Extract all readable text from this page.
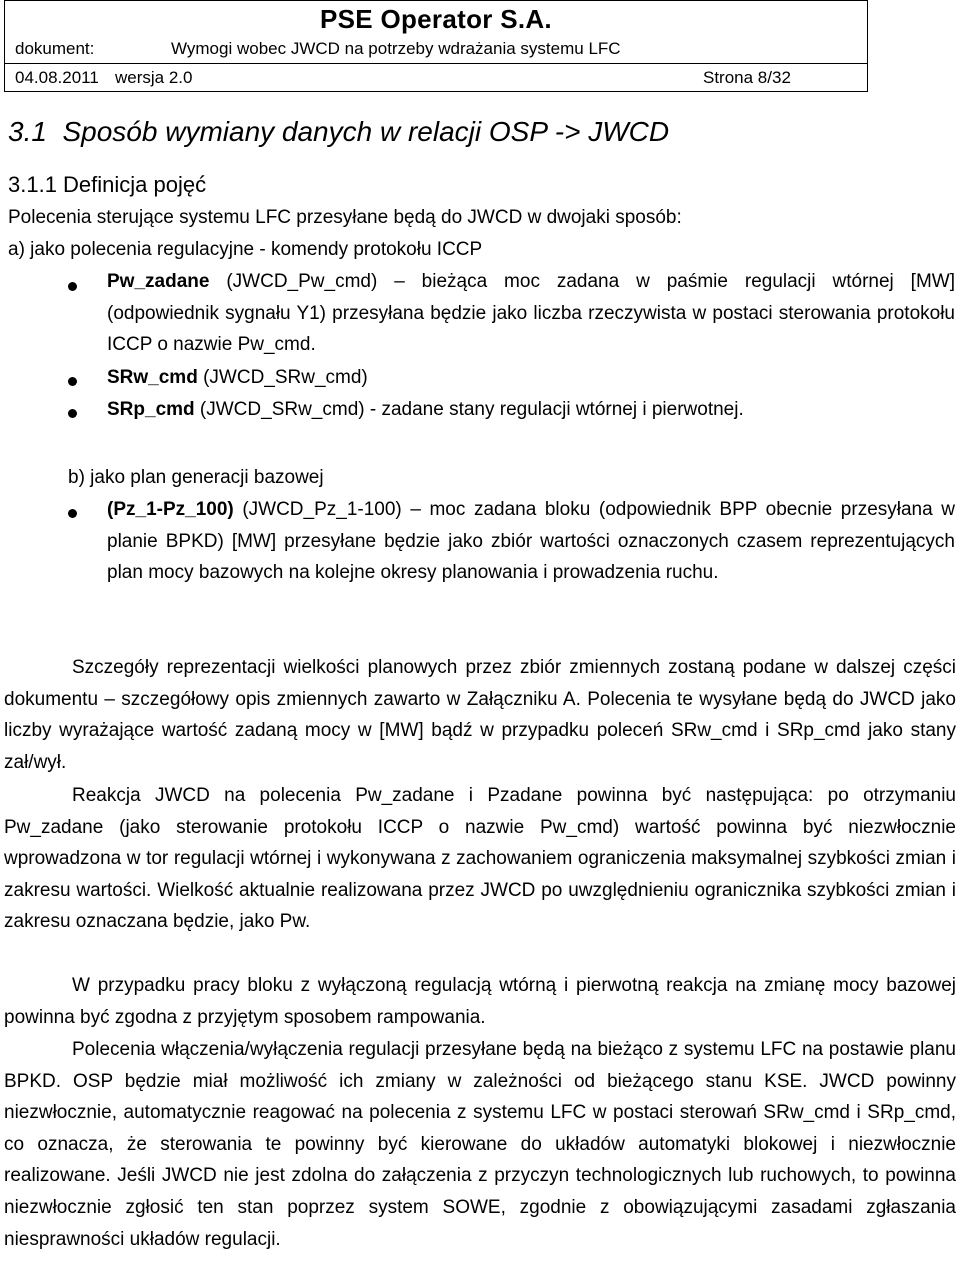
PSE Operator S.A.
dokument:	Wymogi wobec JWCD na potrzeby wdrażania systemu LFC
04.08.2011 wersja 2.0	Strona 8/32
3.1  Sposób wymiany danych w relacji OSP -> JWCD
3.1.1 Definicja pojęć
Polecenia sterujące systemu LFC przesyłane będą do JWCD w dwojaki sposób:
a) jako polecenia regulacyjne - komendy protokołu ICCP
Pw_zadane (JWCD_Pw_cmd) – bieżąca moc zadana w paśmie regulacji wtórnej [MW] (odpowiednik sygnału Y1) przesyłana będzie jako liczba rzeczywista w postaci sterowania protokołu ICCP o nazwie Pw_cmd.
SRw_cmd (JWCD_SRw_cmd)
SRp_cmd (JWCD_SRw_cmd) - zadane stany regulacji wtórnej i pierwotnej.
b) jako plan generacji bazowej
(Pz_1-Pz_100) (JWCD_Pz_1-100) – moc zadana bloku (odpowiednik BPP obecnie przesyłana w planie BPKD) [MW] przesyłane będzie jako zbiór wartości oznaczonych czasem reprezentujących plan mocy bazowych na kolejne okresy planowania i prowadzenia ruchu.
Szczegóły reprezentacji wielkości planowych przez zbiór zmiennych zostaną podane w dalszej części dokumentu – szczegółowy opis zmiennych zawarto w Załączniku A. Polecenia te wysyłane będą do JWCD jako liczby wyrażające wartość zadaną mocy w [MW] bądź w przypadku poleceń SRw_cmd i SRp_cmd jako stany zał/wył.
Reakcja JWCD na polecenia Pw_zadane i Pzadane powinna być następująca: po otrzymaniu Pw_zadane (jako sterowanie protokołu ICCP o nazwie Pw_cmd) wartość powinna być niezwłocznie wprowadzona w tor regulacji wtórnej i wykonywana z zachowaniem ograniczenia maksymalnej szybkości zmian i zakresu wartości. Wielkość aktualnie realizowana przez JWCD po uwzględnieniu ogranicznika szybkości zmian i zakresu oznaczana będzie, jako Pw.
W przypadku pracy bloku z wyłączoną regulacją wtórną i pierwotną reakcja na zmianę mocy bazowej powinna być zgodna z przyjętym sposobem rampowania.
Polecenia włączenia/wyłączenia regulacji przesyłane będą na bieżąco z systemu LFC na postawie planu BPKD. OSP będzie miał możliwość ich zmiany w zależności od bieżącego stanu KSE. JWCD powinny niezwłocznie, automatycznie reagować na polecenia z systemu LFC w postaci sterowań SRw_cmd i SRp_cmd, co oznacza, że sterowania te powinny być kierowane do układów automatyki blokowej i niezwłocznie realizowane. Jeśli JWCD nie jest zdolna do załączenia z przyczyn technologicznych lub ruchowych, to powinna niezwłocznie zgłosić ten stan poprzez system SOWE, zgodnie z obowiązującymi zasadami zgłaszania niesprawności układów regulacji.
